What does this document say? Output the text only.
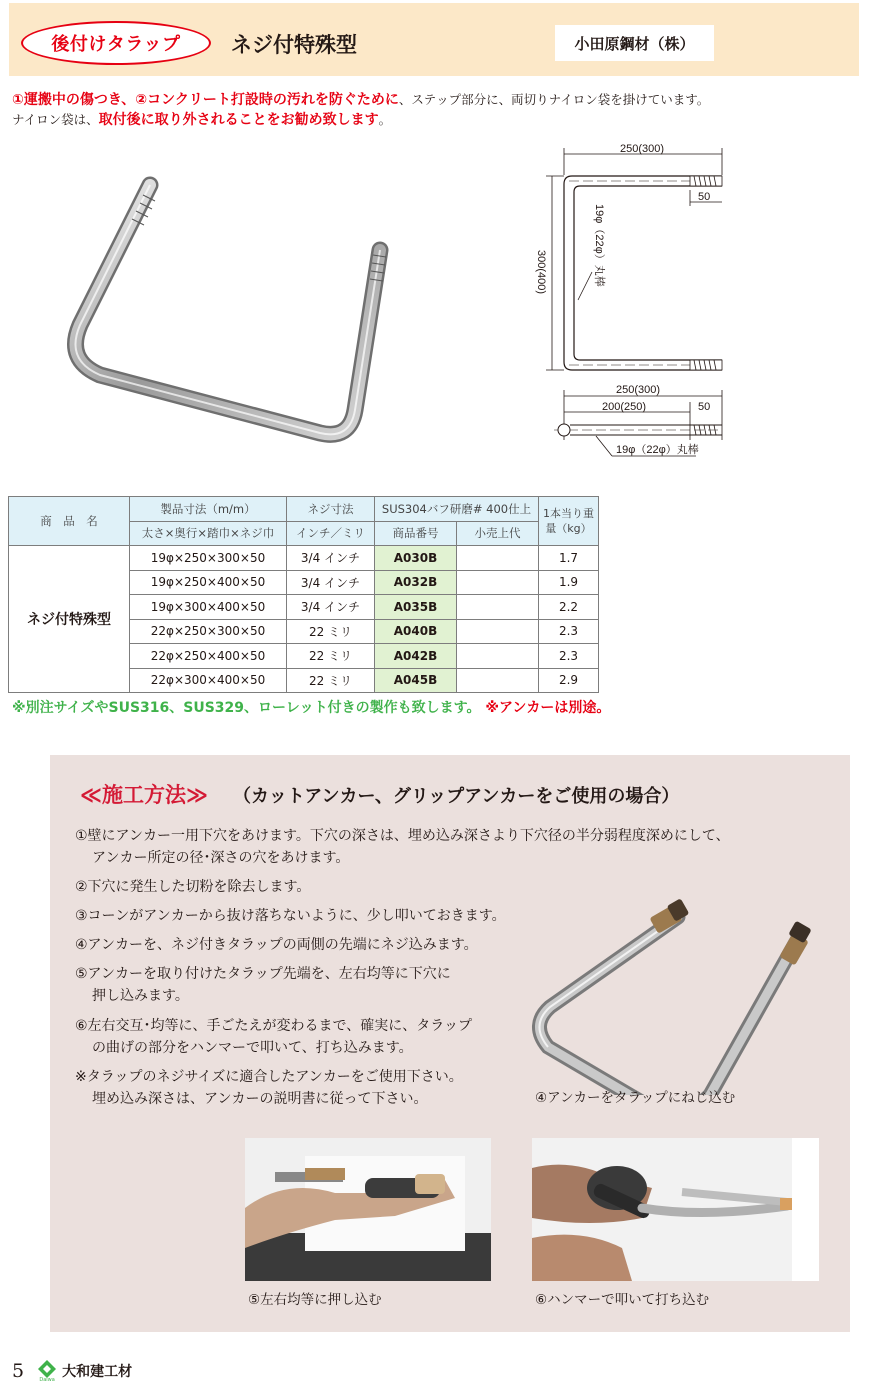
後付けタラップ ネジ付特殊型	小田原鋼材（株）
①運搬中の傷つき、②コンクリート打設時の汚れを防ぐために、ステップ部分に、両切りナイロン袋を掛けています。
ナイロン袋は、取付後に取り外されることをお勧め致します。
250(300)
50
300(400)	19φ（22φ）丸棒
250(300)
200(250)	50
19φ（22φ）丸棒
商　品　名	製品寸法（m/m）	ネジ寸法	SUS304バフ研磨# 400仕上		1本当り重量（kg）
	太さ×奥行×踏巾×ネジ巾	インチ／ミリ	商品番号	小売上代	
ネジ付特殊型	19φ×250×300×50	3/4 インチ	A030B		1.7
	19φ×250×400×50	3/4 インチ	A032B		1.9
	19φ×300×400×50	3/4 インチ	A035B		2.2
	22φ×250×300×50	22 ミリ	A040B		2.3
	22φ×250×400×50	22 ミリ	A042B		2.3
	22φ×300×400×50	22 ミリ	A045B		2.9
※別注サイズやSUS316、SUS329、ローレット付きの製作も致します。 ※アンカーは別途。
≪施工方法≫ （カットアンカー、グリップアンカーをご使用の場合）
①壁にアンカー一用下穴をあけます。下穴の深さは、埋め込み深さより下穴径の半分弱程度深めにして、
アンカー所定の径･深さの穴をあけます。
②下穴に発生した切粉を除去します。
③コーンがアンカーから抜け落ちないように、少し叩いておきます。
④アンカーを、ネジ付きタラップの両側の先端にネジ込みます。
⑤アンカーを取り付けたタラップ先端を、左右均等に下穴に
押し込みます。
⑥左右交互･均等に、手ごたえが変わるまで、確実に、タラップ
の曲げの部分をハンマーで叩いて、打ち込みます。
※タラップのネジサイズに適合したアンカーをご使用下さい。
埋め込み深さは、アンカーの説明書に従って下さい。	④アンカーをタラップにねじ込む
⑤左右均等に押し込む	⑥ハンマーで叩いて打ち込む
5	Daiwa 大和建工材
